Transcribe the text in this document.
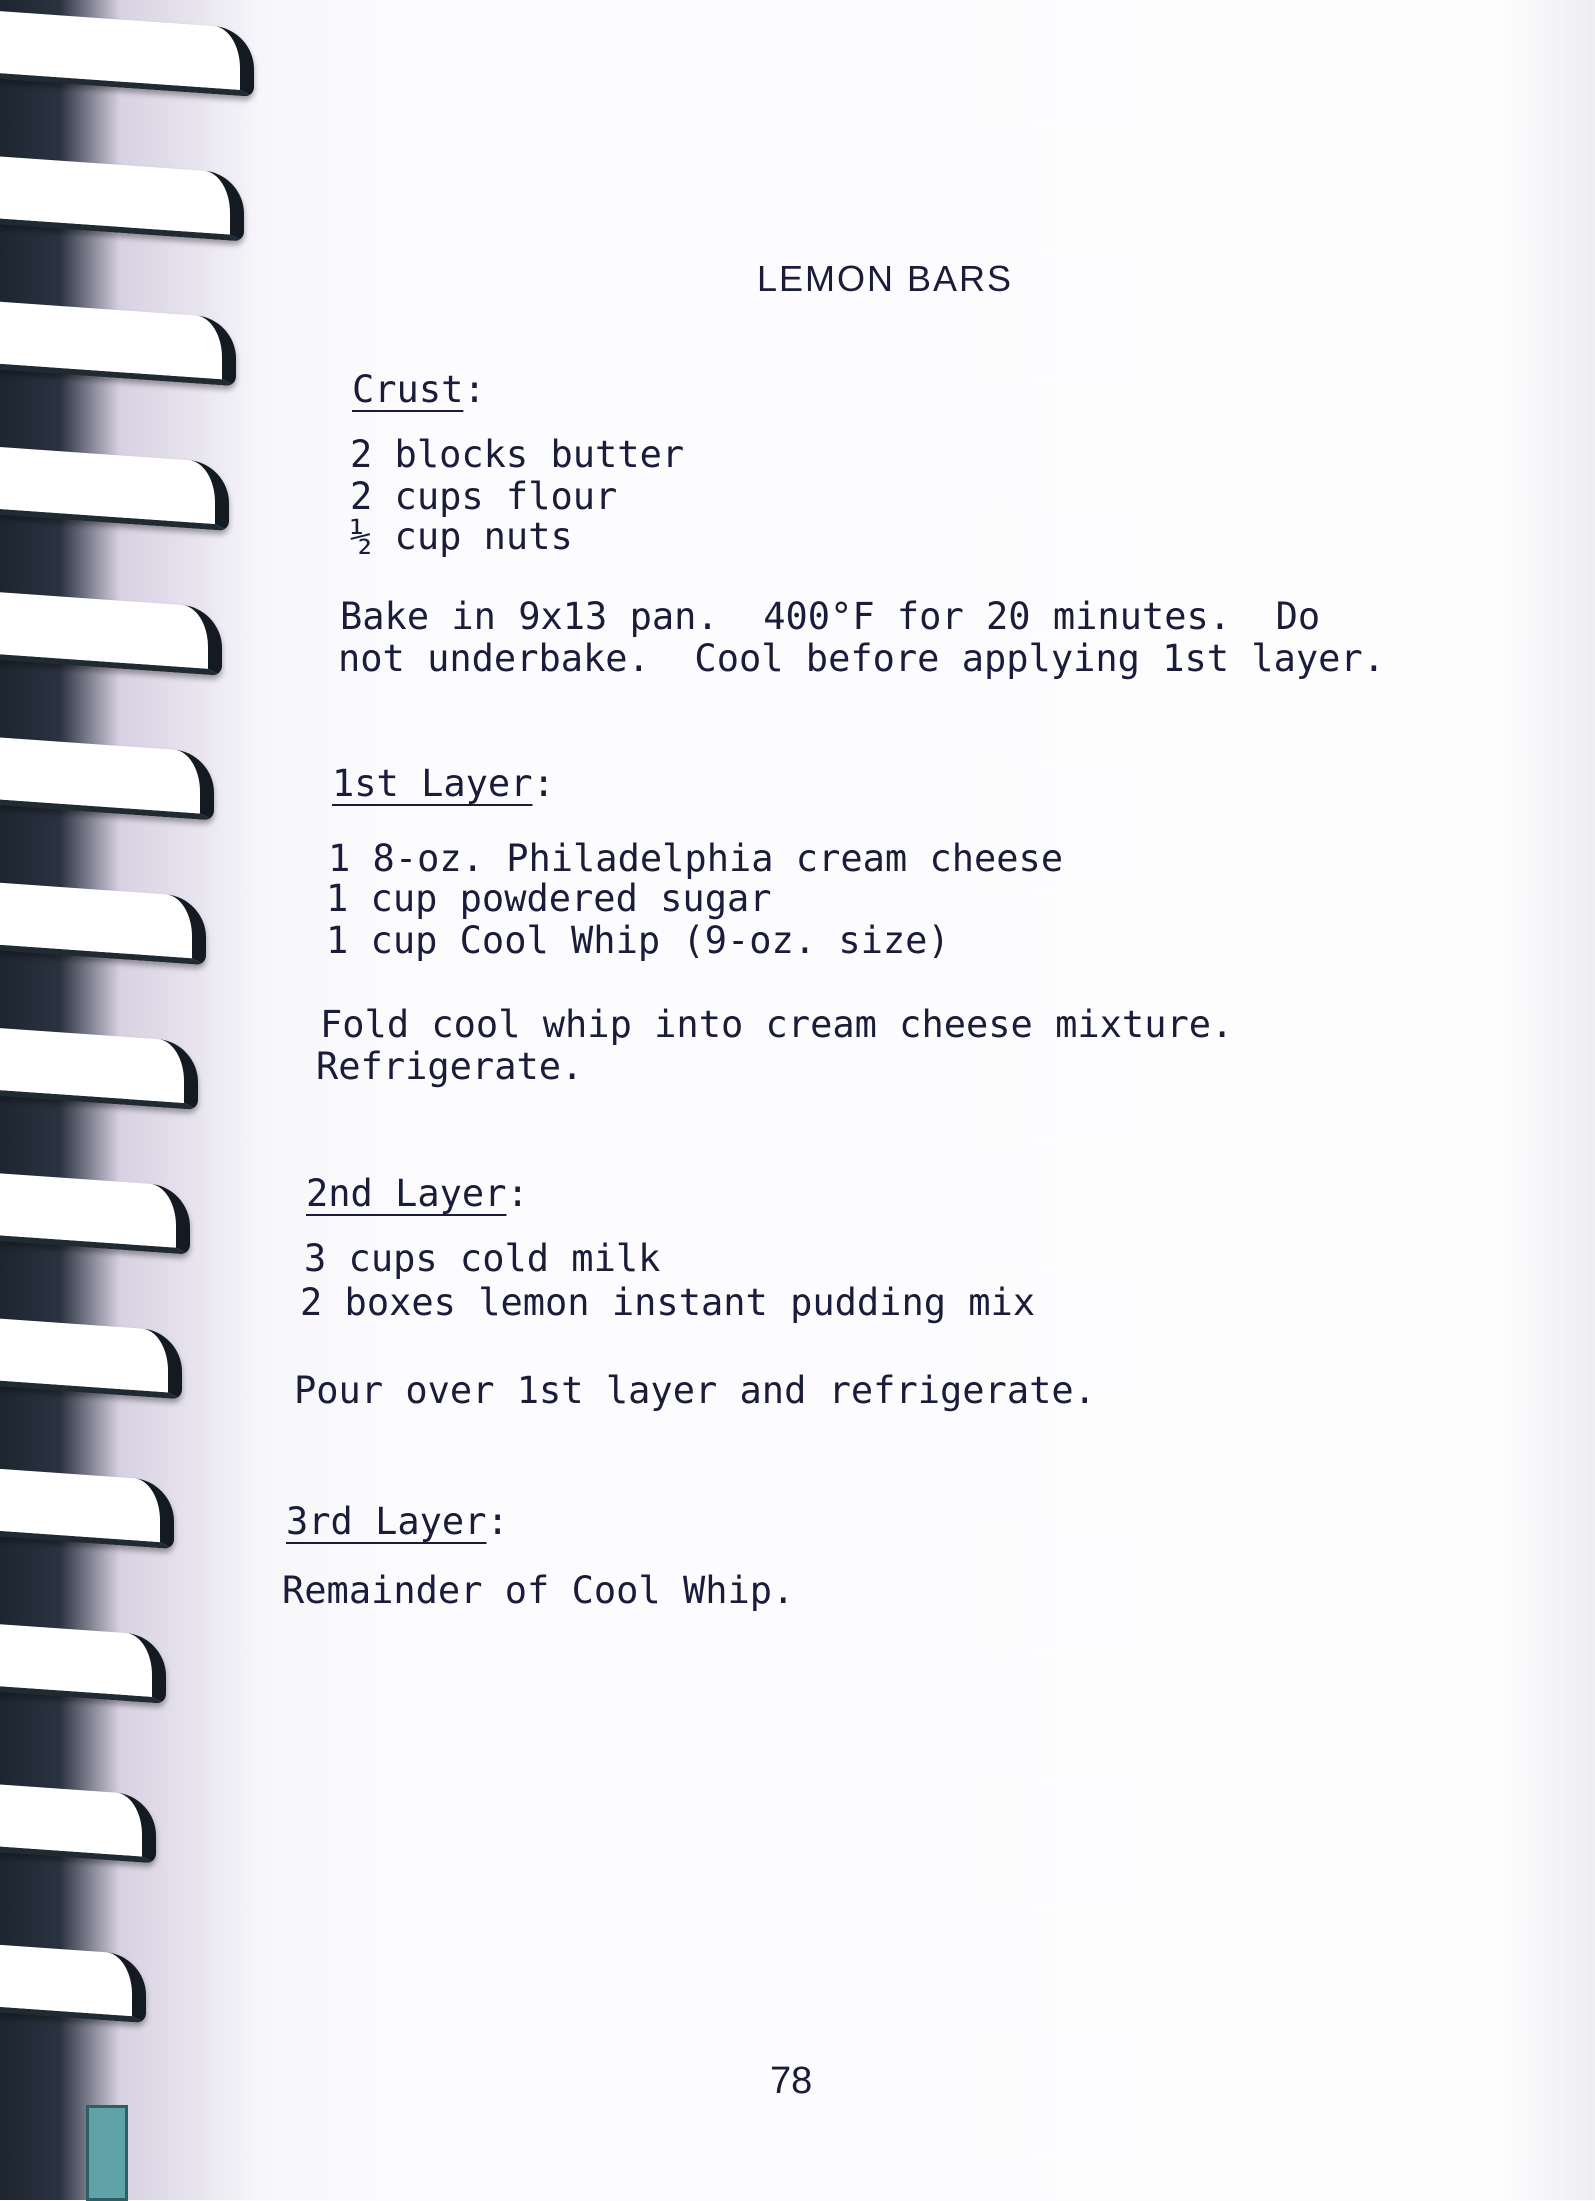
LEMON BARS
Crust:
2 blocks butter
2 cups flour
½ cup nuts
Bake in 9x13 pan.  400°F for 20 minutes.  Do
not underbake.  Cool before applying 1st layer.
1st Layer:
1 8-oz. Philadelphia cream cheese
1 cup powdered sugar
1 cup Cool Whip (9-oz. size)
Fold cool whip into cream cheese mixture.
Refrigerate.
2nd Layer:
3 cups cold milk
2 boxes lemon instant pudding mix
Pour over 1st layer and refrigerate.
3rd Layer:
Remainder of Cool Whip.
78
